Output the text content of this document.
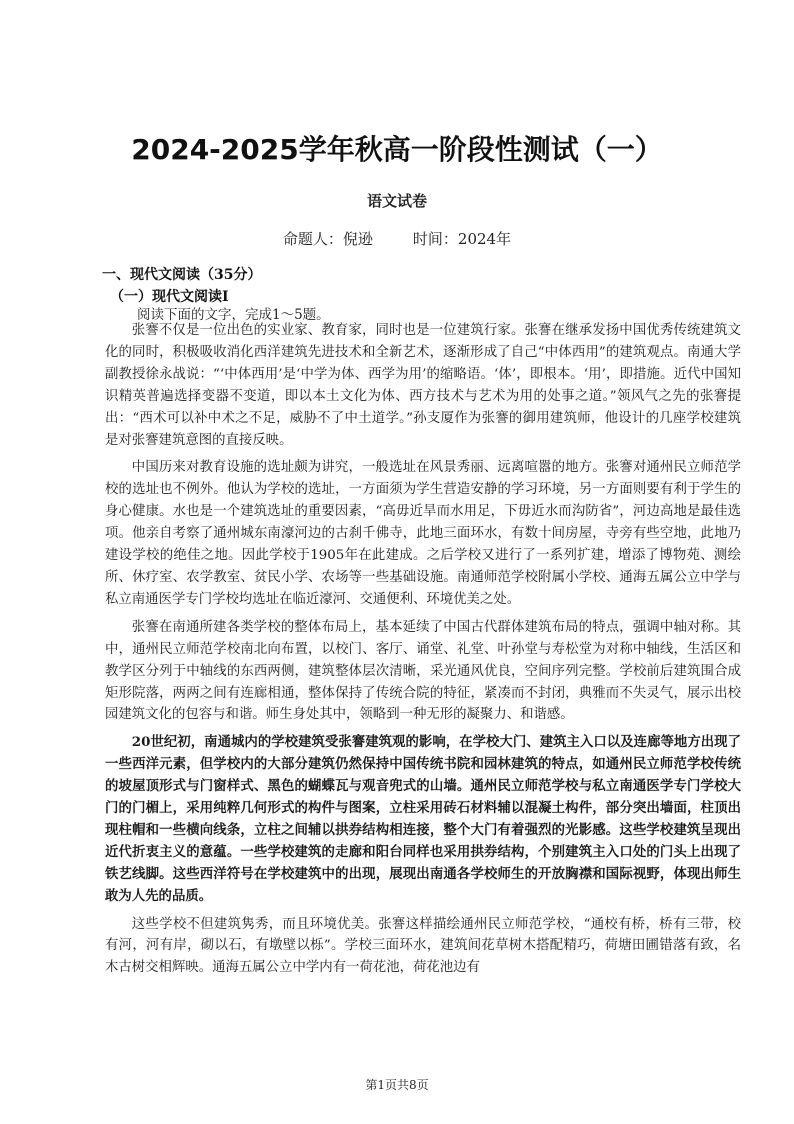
2024-2025学年秋高一阶段性测试（一）
语文试卷
命题人：倪逊	时间：2024年
一、现代文阅读（35分）
（一）现代文阅读Ⅰ
阅读下面的文字，完成1～5题。

张謇不仅是一位出色的实业家、教育家，同时也是一位建筑行家。张謇在继承发扬中国优秀传统建筑文化的同时，积极吸收消化西洋建筑先进技术和全新艺术，逐渐形成了自己“中体西用”的建筑观点。南通大学副教授徐永战说：“‘中体西用’是‘中学为体、西学为用’的缩略语。‘体’，即根本。‘用’，即措施。近代中国知识精英普遍选择变器不变道，即以本土文化为体、西方技术与艺术为用的处事之道。”领风气之先的张謇提出：“西术可以补中术之不足，威胁不了中土道学。”孙支厦作为张謇的御用建筑师，他设计的几座学校建筑是对张謇建筑意图的直接反映。

中国历来对教育设施的选址颇为讲究，一般选址在风景秀丽、远离喧嚣的地方。张謇对通州民立师范学校的选址也不例外。他认为学校的选址，一方面须为学生营造安静的学习环境，另一方面则要有利于学生的身心健康。水也是一个建筑选址的重要因素，“高毋近旱而水用足，下毋近水而沟防省”，河边高地是最佳选项。他亲自考察了通州城东南濠河边的古刹千佛寺，此地三面环水，有数十间房屋，寺旁有些空地，此地乃建设学校的绝佳之地。因此学校于1905年在此建成。之后学校又进行了一系列扩建，增添了博物苑、测绘所、休疗室、农学教室、贫民小学、农场等一些基础设施。南通师范学校附属小学校、通海五属公立中学与私立南通医学专门学校均选址在临近濠河、交通便利、环境优美之处。

张謇在南通所建各类学校的整体布局上，基本延续了中国古代群体建筑布局的特点，强调中轴对称。其中，通州民立师范学校南北向布置，以校门、客厅、诵堂、礼堂、叶孙堂与寿松堂为对称中轴线，生活区和教学区分列于中轴线的东西两侧，建筑整体层次清晰，采光通风优良，空间序列完整。学校前后建筑围合成矩形院落，两两之间有连廊相通，整体保持了传统合院的特征，紧凑而不封闭，典雅而不失灵气，展示出校园建筑文化的包容与和谐。师生身处其中，领略到一种无形的凝聚力、和谐感。

20世纪初，南通城内的学校建筑受张謇建筑观的影响，在学校大门、建筑主入口以及连廊等地方出现了一些西洋元素，但学校内的大部分建筑仍然保持中国传统书院和园林建筑的特点，如通州民立师范学校传统的坡屋顶形式与门窗样式、黑色的蝴蝶瓦与观音兜式的山墙。通州民立师范学校与私立南通医学专门学校大门的门楣上，采用纯粹几何形式的构件与图案，立柱采用砖石材料辅以混凝土构件，部分突出墙面，柱顶出现柱帽和一些横向线条，立柱之间辅以拱券结构相连接，整个大门有着强烈的光影感。这些学校建筑呈现出近代折衷主义的意蕴。一些学校建筑的走廊和阳台同样也采用拱券结构，个别建筑主入口处的门头上出现了铁艺线脚。这些西洋符号在学校建筑中的出现，展现出南通各学校师生的开放胸襟和国际视野，体现出师生敢为人先的品质。

这些学校不但建筑隽秀，而且环境优美。张謇这样描绘通州民立师范学校，“通校有桥，桥有三带，校有河，河有岸，砌以石，有墩壁以栎”。学校三面环水，建筑间花草树木搭配精巧，荷塘田圃错落有致，名木古树交相辉映。通海五属公立中学内有一荷花池，荷花池边有

第1页共8页
